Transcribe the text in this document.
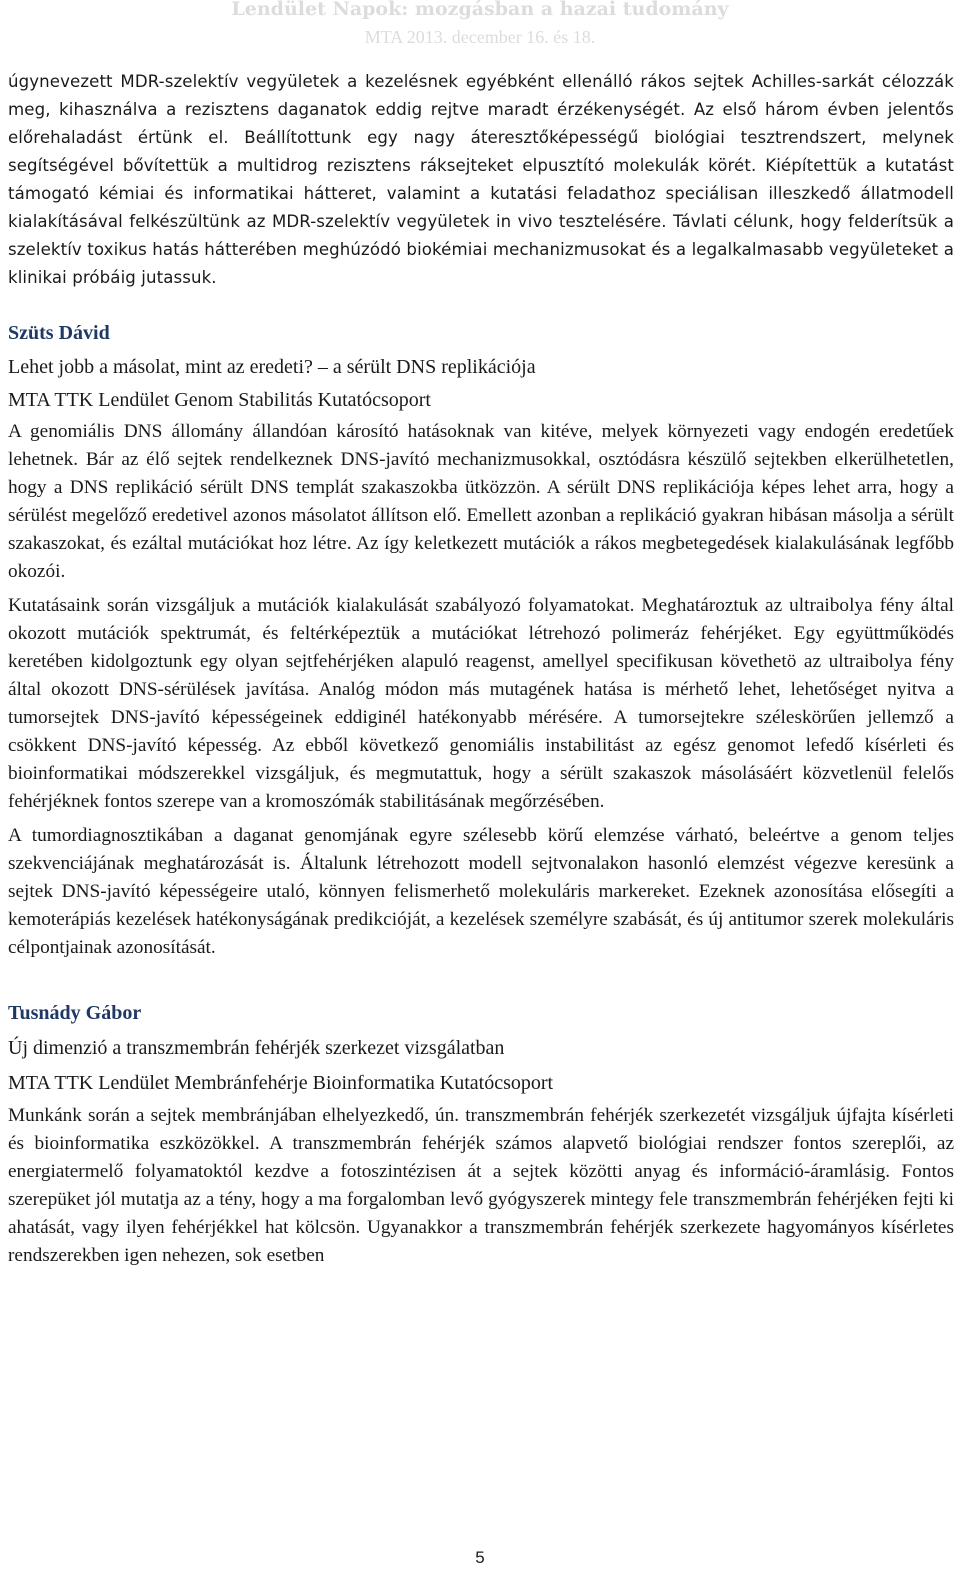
Lendület Napok: mozgásban a hazai tudomány
MTA 2013. december 16. és 18.

úgynevezett MDR-szelektív vegyületek a kezelésnek egyébként ellenálló rákos sejtek Achilles-sarkát célozzák meg, kihasználva a rezisztens daganatok eddig rejtve maradt érzékenységét. Az első három évben jelentős előrehaladást értünk el. Beállítottunk egy nagy áteresztőképességű biológiai tesztrendszert, melynek segítségével bővítettük a multidrog rezisztens ráksejteket elpusztító molekulák körét. Kiépítettük a kutatást támogató kémiai és informatikai hátteret, valamint a kutatási feladathoz speciálisan illeszkedő állatmodell kialakításával felkészültünk az MDR-szelektív vegyületek in vivo tesztelésére. Távlati célunk, hogy felderítsük a szelektív toxikus hatás hátterében meghúzódó biokémiai mechanizmusokat és a legalkalmasabb vegyületeket a klinikai próbáig jutassuk.

Szüts Dávid

Lehet jobb a másolat, mint az eredeti? – a sérült DNS replikációja

MTA TTK Lendület Genom Stabilitás Kutatócsoport

A genomiális DNS állomány állandóan károsító hatásoknak van kitéve, melyek környezeti vagy endogén eredetűek lehetnek. Bár az élő sejtek rendelkeznek DNS-javító mechanizmusokkal, osztódásra készülő sejtekben elkerülhetetlen, hogy a DNS replikáció sérült DNS templát szakaszokba ütközzön. A sérült DNS replikációja képes lehet arra, hogy a sérülést megelőző eredetivel azonos másolatot állítson elő. Emellett azonban a replikáció gyakran hibásan másolja a sérült szakaszokat, és ezáltal mutációkat hoz létre. Az így keletkezett mutációk a rákos megbetegedések kialakulásának legfőbb okozói.

Kutatásaink során vizsgáljuk a mutációk kialakulását szabályozó folyamatokat. Meghatároztuk az ultraibolya fény által okozott mutációk spektrumát, és feltérképeztük a mutációkat létrehozó polimeráz fehérjéket. Egy együttműködés keretében kidolgoztunk egy olyan sejtfehérjéken alapuló reagenst, amellyel specifikusan követhetö az ultraibolya fény által okozott DNS-sérülések javítása. Analóg módon más mutagének hatása is mérhető lehet, lehetőséget nyitva a tumorsejtek DNS-javító képességeinek eddiginél hatékonyabb mérésére. A tumorsejtekre széleskörűen jellemző a csökkent DNS-javító képesség. Az ebből következő genomiális instabilitást az egész genomot lefedő kísérleti és bioinformatikai módszerekkel vizsgáljuk, és megmutattuk, hogy a sérült szakaszok másolásáért közvetlenül felelős fehérjéknek fontos szerepe van a kromoszómák stabilitásának megőrzésében.

A tumordiagnosztikában a daganat genomjának egyre szélesebb körű elemzése várható, beleértve a genom teljes szekvenciájának meghatározását is. Általunk létrehozott modell sejtvonalakon hasonló elemzést végezve keresünk a sejtek DNS-javító képességeire utaló, könnyen felismerhető molekuláris markereket. Ezeknek azonosítása elősegíti a kemoterápiás kezelések hatékonyságának predikcióját, a kezelések személyre szabását, és új antitumor szerek molekuláris célpontjainak azonosítását.

Tusnády Gábor

Új dimenzió a transzmembrán fehérjék szerkezet vizsgálatban

MTA TTK Lendület Membránfehérje Bioinformatika Kutatócsoport

Munkánk során a sejtek membránjában elhelyezkedő, ún. transzmembrán fehérjék szerkezetét vizsgáljuk újfajta kísérleti és bioinformatika eszközökkel. A transzmembrán fehérjék számos alapvető biológiai rendszer fontos szereplői, az energiatermelő folyamatoktól kezdve a fotoszintézisen át a sejtek közötti anyag és információ-áramlásig. Fontos szerepüket jól mutatja az a tény, hogy a ma forgalomban levő gyógyszerek mintegy fele transzmembrán fehérjéken fejti ki ahatását, vagy ilyen fehérjékkel hat kölcsön. Ugyanakkor a transzmembrán fehérjék szerkezete hagyományos kísérletes rendszerekben igen nehezen, sok esetben

5
